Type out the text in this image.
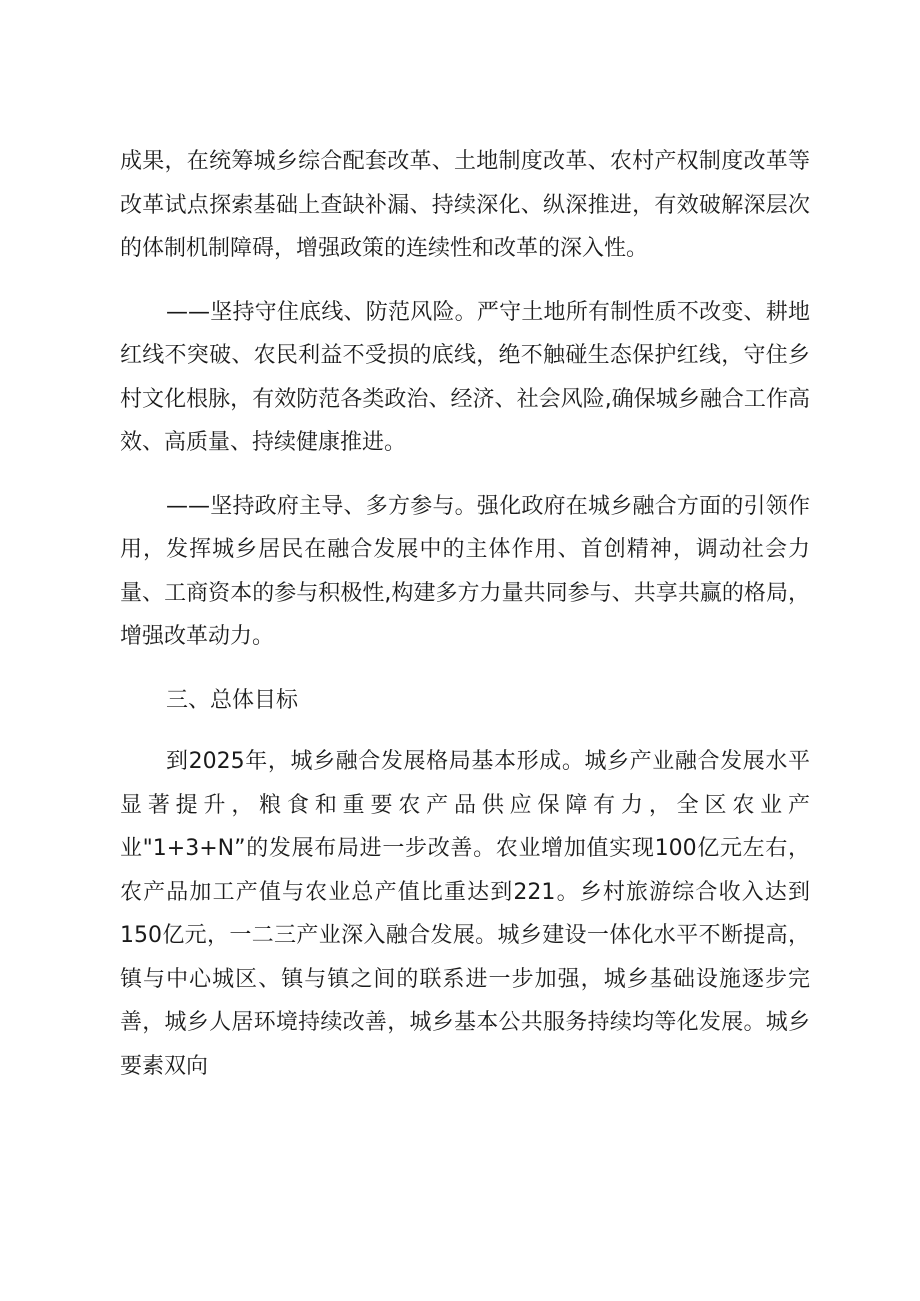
成果，在统筹城乡综合配套改革、土地制度改革、农村产权制度改革等改革试点探索基础上查缺补漏、持续深化、纵深推进，有效破解深层次的体制机制障碍，增强政策的连续性和改革的深入性。

——坚持守住底线、防范风险。严守土地所有制性质不改变、耕地红线不突破、农民利益不受损的底线，绝不触碰生态保护红线，守住乡村文化根脉，有效防范各类政治、经济、社会风险,确保城乡融合工作高效、高质量、持续健康推进。

——坚持政府主导、多方参与。强化政府在城乡融合方面的引领作用，发挥城乡居民在融合发展中的主体作用、首创精神，调动社会力量、工商资本的参与积极性,构建多方力量共同参与、共享共赢的格局，增强改革动力。

三、总体目标

到2025年，城乡融合发展格局基本形成。城乡产业融合发展水平显著提升，粮食和重要农产品供应保障有力，全区农业产业"1+3+N”的发展布局进一步改善。农业增加值实现100亿元左右，农产品加工产值与农业总产值比重达到221。乡村旅游综合收入达到150亿元，一二三产业深入融合发展。城乡建设一体化水平不断提高，镇与中心城区、镇与镇之间的联系进一步加强，城乡基础设施逐步完善，城乡人居环境持续改善，城乡基本公共服务持续均等化发展。城乡要素双向
